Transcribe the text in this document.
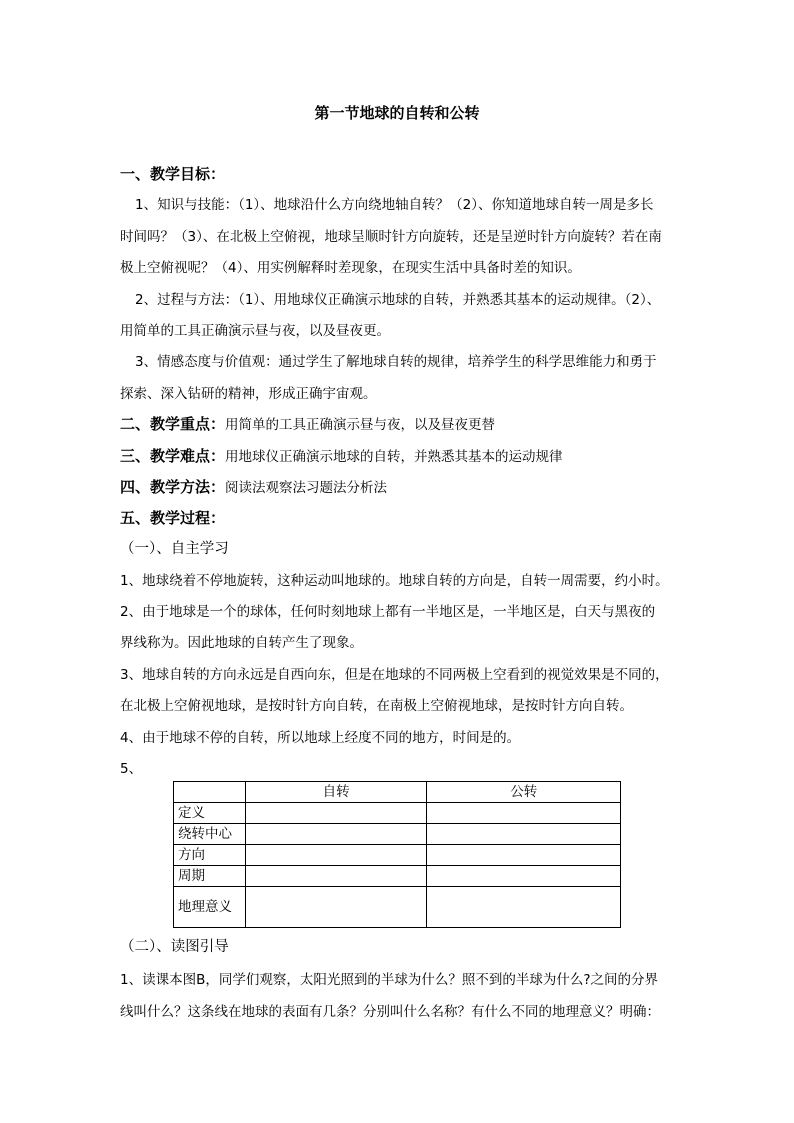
第一节地球的自转和公转
一、教学目标：
1、知识与技能：（1）、地球沿什么方向绕地轴自转？（2）、你知道地球自转一周是多长
时间吗？（3）、在北极上空俯视，地球呈顺时针方向旋转，还是呈逆时针方向旋转？若在南
极上空俯视呢？（4）、用实例解释时差现象，在现实生活中具备时差的知识。
2、过程与方法：（1）、用地球仪正确演示地球的自转，并熟悉其基本的运动规律。（2）、
用简单的工具正确演示昼与夜，以及昼夜更。
3、情感态度与价值观：通过学生了解地球自转的规律，培养学生的科学思维能力和勇于
探索、深入钻研的精神，形成正确宇宙观。
二、教学重点：用简单的工具正确演示昼与夜，以及昼夜更替
三、教学难点：用地球仪正确演示地球的自转，并熟悉其基本的运动规律
四、教学方法：阅读法观察法习题法分析法
五、教学过程：
（一）、自主学习
1、地球绕着不停地旋转，这种运动叫地球的。地球自转的方向是，自转一周需要，约小时。
2、由于地球是一个的球体，任何时刻地球上都有一半地区是，一半地区是，白天与黑夜的
界线称为。因此地球的自转产生了现象。
3、地球自转的方向永远是自西向东，但是在地球的不同两极上空看到的视觉效果是不同的，
在北极上空俯视地球，是按时针方向自转，在南极上空俯视地球，是按时针方向自转。
4、由于地球不停的自转，所以地球上经度不同的地方，时间是的。
5、
	自转	公转
定义		
绕转中心		
方向		
周期		
地理意义		
（二）、读图引导
1、读课本图B，同学们观察，太阳光照到的半球为什么？照不到的半球为什么?之间的分界
线叫什么？这条线在地球的表面有几条？分别叫什么名称？有什么不同的地理意义？明确：
